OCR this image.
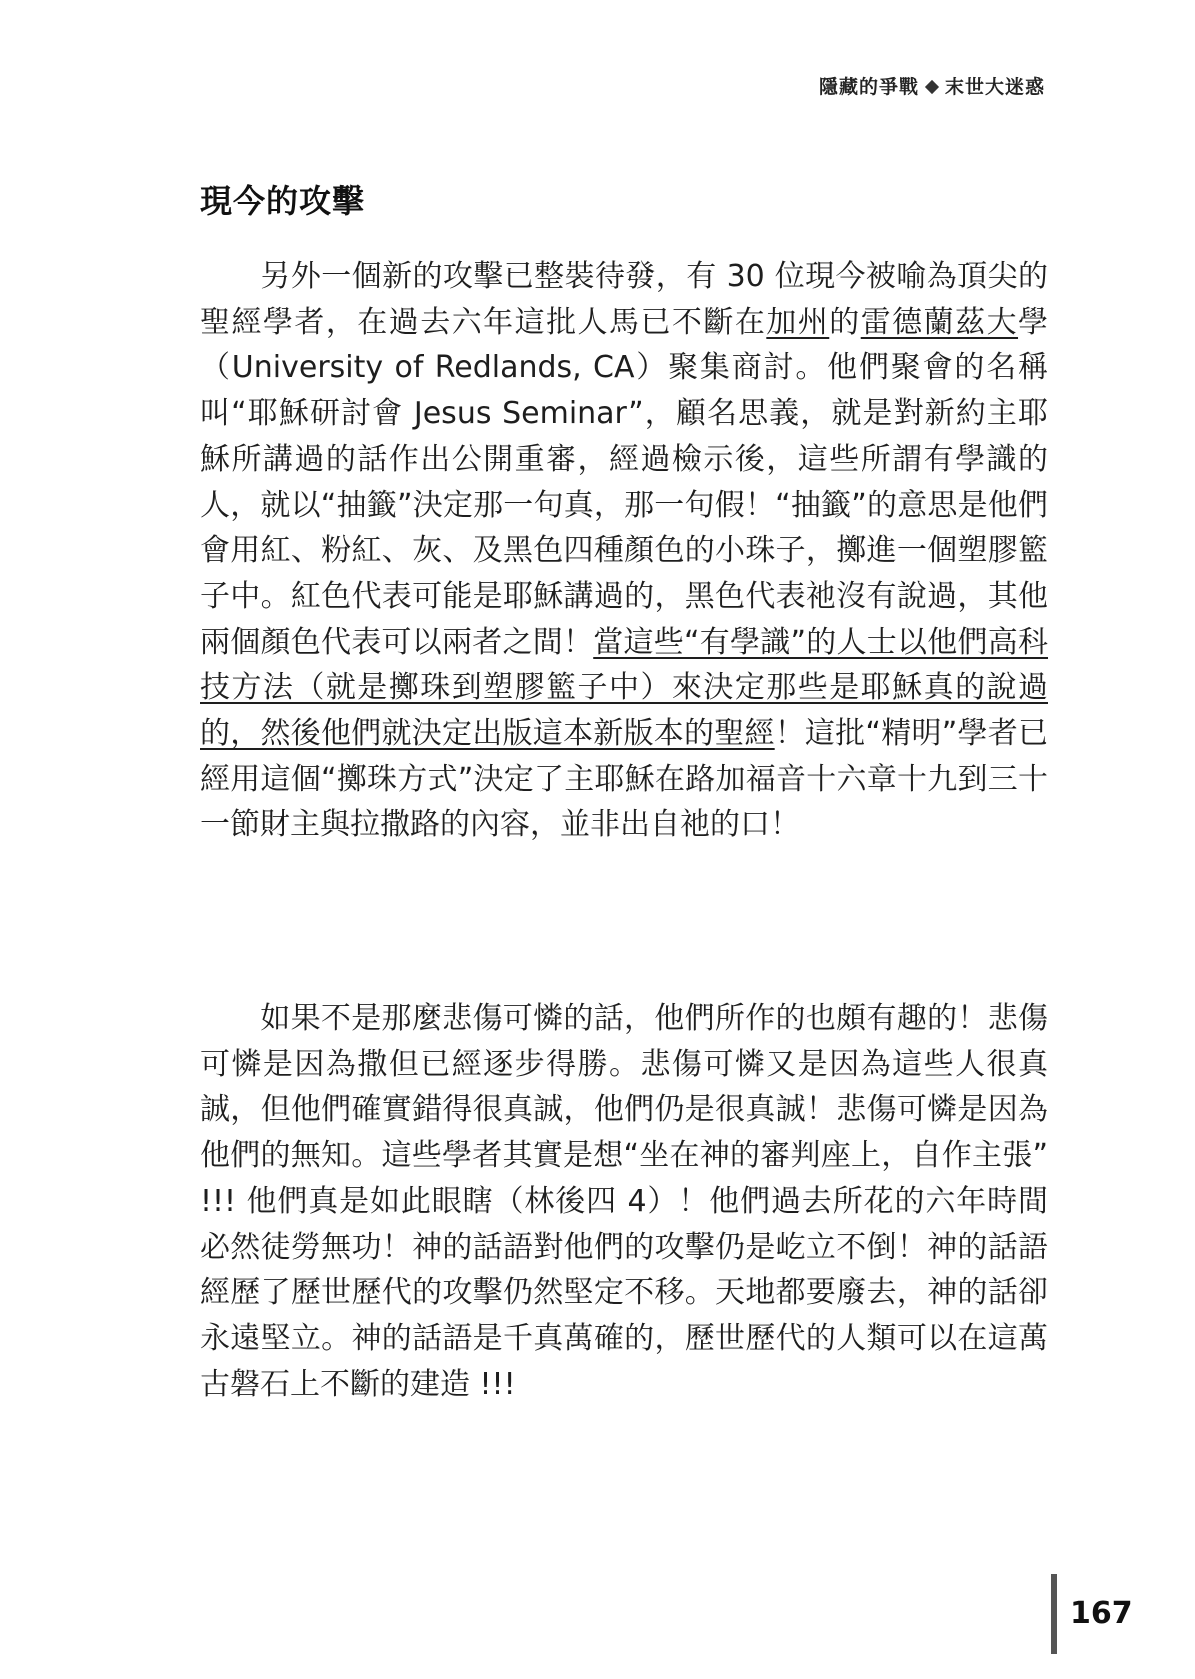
隱藏的爭戰 末世大迷惑
現今的攻擊

另外一個新的攻擊已整裝待發，有 30 位現今被喻為頂尖的聖經學者，在過去六年這批人馬已不斷在加州的雷德蘭茲大學（University of Redlands, CA）聚集商討。他們聚會的名稱叫“耶穌研討會 Jesus Seminar”，顧名思義，就是對新約主耶穌所講過的話作出公開重審，經過檢示後，這些所謂有學識的人，就以“抽籤”決定那一句真，那一句假！“抽籤”的意思是他們會用紅、粉紅、灰、及黑色四種顏色的小珠子，擲進一個塑膠籃子中。紅色代表可能是耶穌講過的，黑色代表祂沒有說過，其他兩個顏色代表可以兩者之間！當這些“有學識”的人士以他們高科技方法（就是擲珠到塑膠籃子中）來決定那些是耶穌真的說過的，然後他們就決定出版這本新版本的聖經！這批“精明”學者已經用這個“擲珠方式”決定了主耶穌在路加福音十六章十九到三十一節財主與拉撒路的內容，並非出自祂的口！

如果不是那麼悲傷可憐的話，他們所作的也頗有趣的！悲傷可憐是因為撒但已經逐步得勝。悲傷可憐又是因為這些人很真誠，但他們確實錯得很真誠，他們仍是很真誠！悲傷可憐是因為他們的無知。這些學者其實是想“坐在神的審判座上，自作主張” !!! 他們真是如此眼瞎（林後四 4）！他們過去所花的六年時間必然徒勞無功！神的話語對他們的攻擊仍是屹立不倒！神的話語經歷了歷世歷代的攻擊仍然堅定不移。天地都要廢去，神的話卻永遠堅立。神的話語是千真萬確的，歷世歷代的人類可以在這萬古磐石上不斷的建造 !!!

167
